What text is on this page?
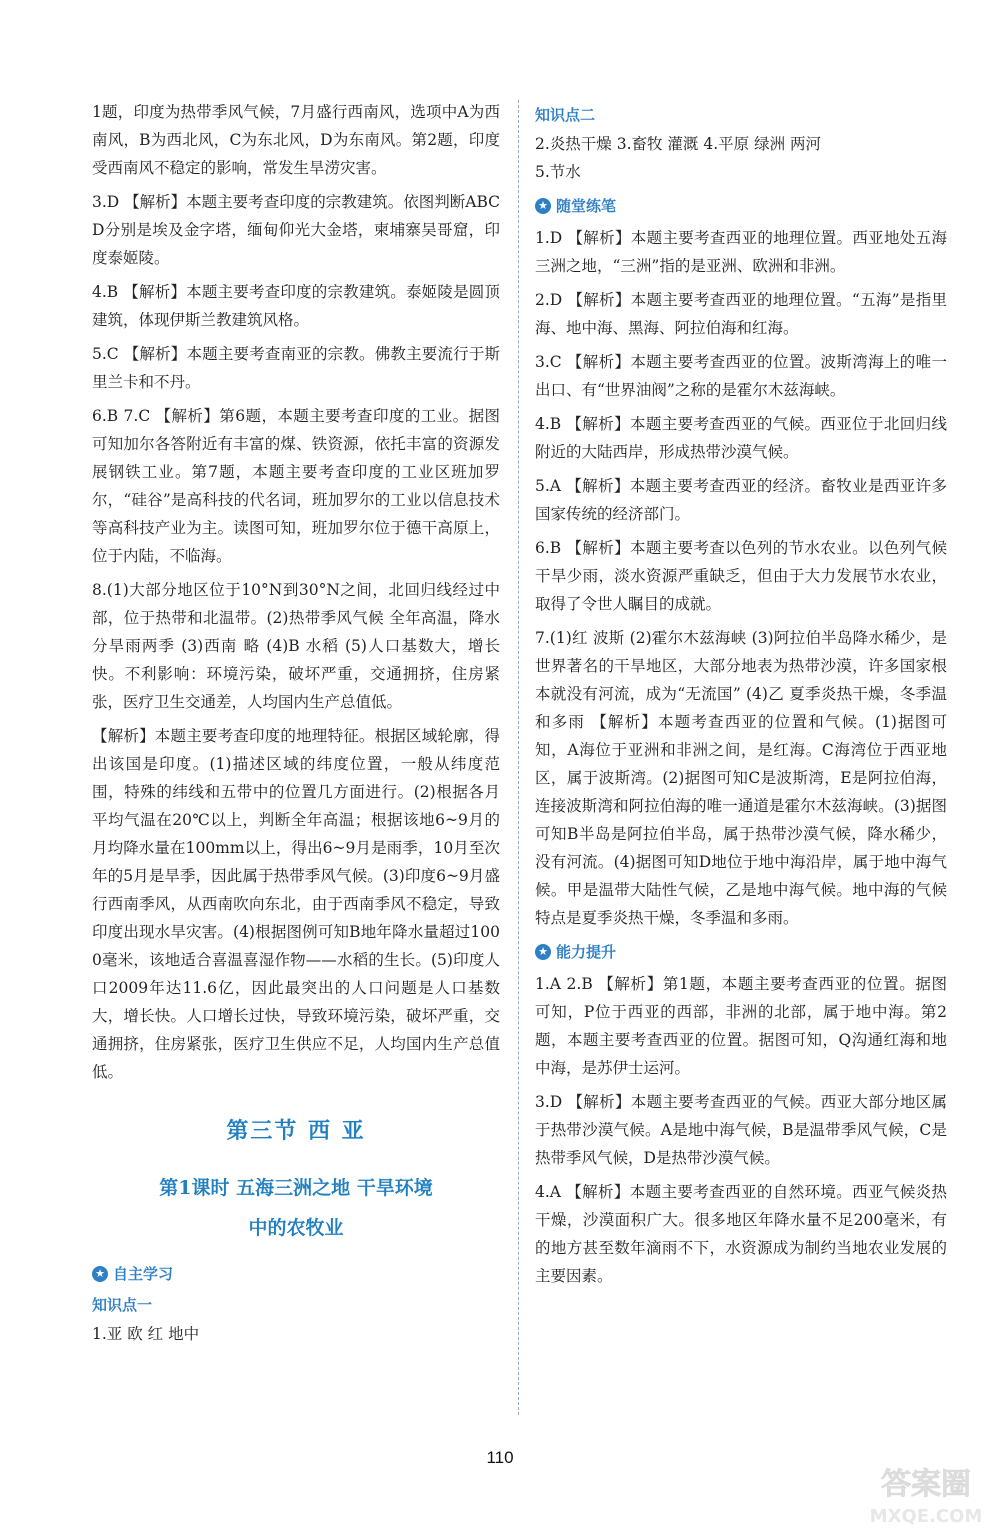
1题，印度为热带季风气候，7月盛行西南风，选项中A为西南风，B为西北风，C为东北风，D为东南风。第2题，印度受西南风不稳定的影响，常发生旱涝灾害。

3.D 【解析】本题主要考查印度的宗教建筑。依图判断ABCD分别是埃及金字塔，缅甸仰光大金塔，柬埔寨吴哥窟，印度泰姬陵。

4.B 【解析】本题主要考查印度的宗教建筑。泰姬陵是圆顶建筑，体现伊斯兰教建筑风格。

5.C 【解析】本题主要考查南亚的宗教。佛教主要流行于斯里兰卡和不丹。

6.B 7.C 【解析】第6题，本题主要考查印度的工业。据图可知加尔各答附近有丰富的煤、铁资源，依托丰富的资源发展钢铁工业。第7题，本题主要考查印度的工业区班加罗尔，“硅谷”是高科技的代名词，班加罗尔的工业以信息技术等高科技产业为主。读图可知，班加罗尔位于德干高原上，位于内陆，不临海。

8.(1)大部分地区位于10°N到30°N之间，北回归线经过中部，位于热带和北温带。(2)热带季风气候 全年高温，降水分旱雨两季 (3)西南 略 (4)B 水稻 (5)人口基数大，增长快。不利影响：环境污染，破坏严重，交通拥挤，住房紧张，医疗卫生交通差，人均国内生产总值低。

【解析】本题主要考查印度的地理特征。根据区域轮廓，得出该国是印度。(1)描述区域的纬度位置，一般从纬度范围，特殊的纬线和五带中的位置几方面进行。(2)根据各月平均气温在20℃以上，判断全年高温；根据该地6~9月的月均降水量在100mm以上，得出6~9月是雨季，10月至次年的5月是旱季，因此属于热带季风气候。(3)印度6~9月盛行西南季风，从西南吹向东北，由于西南季风不稳定，导致印度出现水旱灾害。(4)根据图例可知B地年降水量超过1000毫米，该地适合喜温喜湿作物——水稻的生长。(5)印度人口2009年达11.6亿，因此最突出的人口问题是人口基数大，增长快。人口增长过快，导致环境污染，破坏严重，交通拥挤，住房紧张，医疗卫生供应不足，人均国内生产总值低。

第三节 西 亚
第1课时 五海三洲之地 干旱环境
中的农牧业
★ 自主学习
知识点一

1.亚 欧 红 地中

知识点二

2.炎热干燥 3.畜牧 灌溉 4.平原 绿洲 两河

5.节水

★ 随堂练笔

1.D 【解析】本题主要考查西亚的地理位置。西亚地处五海三洲之地，“三洲”指的是亚洲、欧洲和非洲。

2.D 【解析】本题主要考查西亚的地理位置。“五海”是指里海、地中海、黑海、阿拉伯海和红海。

3.C 【解析】本题主要考查西亚的位置。波斯湾海上的唯一出口、有“世界油阀”之称的是霍尔木兹海峡。

4.B 【解析】本题主要考查西亚的气候。西亚位于北回归线附近的大陆西岸，形成热带沙漠气候。

5.A 【解析】本题主要考查西亚的经济。畜牧业是西亚许多国家传统的经济部门。

6.B 【解析】本题主要考查以色列的节水农业。以色列气候干旱少雨，淡水资源严重缺乏，但由于大力发展节水农业，取得了令世人瞩目的成就。

7.(1)红 波斯 (2)霍尔木兹海峡 (3)阿拉伯半岛降水稀少，是世界著名的干旱地区，大部分地表为热带沙漠，许多国家根本就没有河流，成为“无流国” (4)乙 夏季炎热干燥，冬季温和多雨 【解析】本题考查西亚的位置和气候。(1)据图可知，A海位于亚洲和非洲之间，是红海。C海湾位于西亚地区，属于波斯湾。(2)据图可知C是波斯湾，E是阿拉伯海，连接波斯湾和阿拉伯海的唯一通道是霍尔木兹海峡。(3)据图可知B半岛是阿拉伯半岛，属于热带沙漠气候，降水稀少，没有河流。(4)据图可知D地位于地中海沿岸，属于地中海气候。甲是温带大陆性气候，乙是地中海气候。地中海的气候特点是夏季炎热干燥，冬季温和多雨。

★ 能力提升

1.A 2.B 【解析】第1题，本题主要考查西亚的位置。据图可知，P位于西亚的西部，非洲的北部，属于地中海。第2题，本题主要考查西亚的位置。据图可知，Q沟通红海和地中海，是苏伊士运河。

3.D 【解析】本题主要考查西亚的气候。西亚大部分地区属于热带沙漠气候。A是地中海气候，B是温带季风气候，C是热带季风气候，D是热带沙漠气候。

4.A 【解析】本题主要考查西亚的自然环境。西亚气候炎热干燥，沙漠面积广大。很多地区年降水量不足200毫米，有的地方甚至数年滴雨不下，水资源成为制约当地农业发展的主要因素。

110
答案圈
MXQE.COM
